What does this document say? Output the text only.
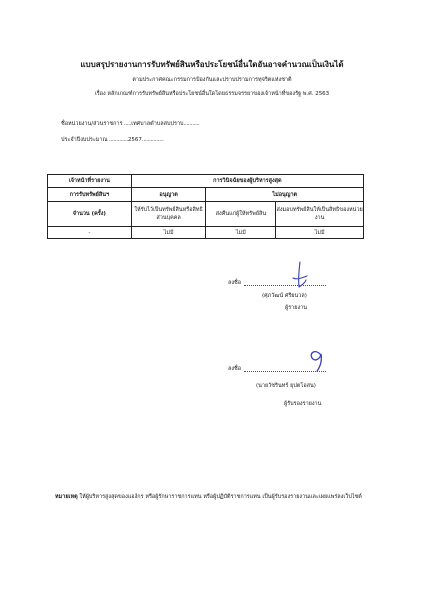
แบบสรุปรายงานการรับทรัพย์สินหรือประโยชน์อื่นใดอันอาจคำนวณเป็นเงินได้
ตามประกาศคณะกรรมการป้องกันและปราบปรามการทุจริตแห่งชาติ
เรื่อง หลักเกณฑ์การรับทรัพย์สินหรือประโยชน์อื่นใดโดยธรรมจรรยาของเจ้าหน้าที่ของรัฐ พ.ศ. 2563
ชื่อหน่วยงาน/ส่วนราชการ .....เทศบาลตำบลสบปราบ...........
ประจำปีงบประมาณ .............2567...............
เจ้าหน้าที่รายงาน	การวินิจฉัยของผู้บริหารสูงสุด		
การรับทรัพย์สินฯ	อนุญาต	ไม่อนุญาต	
จำนวน (ครั้ง)	ให้รับไว้เป็นทรัพย์สินหรือสิทธิส่วนบุคคล	ส่งคืนแก่ผู้ให้ทรัพย์สิน	ส่งมอบทรัพย์สินให้เป็นสิทธิของหน่วยงาน
-	ไม่มี	ไม่มี	ไม่มี
ลงชื่อ
(ศุภวัฒน์ ศรียนวล)
ผู้รายงาน
ลงชื่อ
(นายวัชรินทร์ ยุปตโอสน)
ผู้รับรองรายงาน
หมายเหตุ ให้ผู้บริหารสูงสุดของแอง์กร หรือผู้รักษาราชการแทน หรือผู้ปฏิบัติราชการแทน เป็นผู้รับรองรายงานและเผยแพร่ลงเว็บไซต์
